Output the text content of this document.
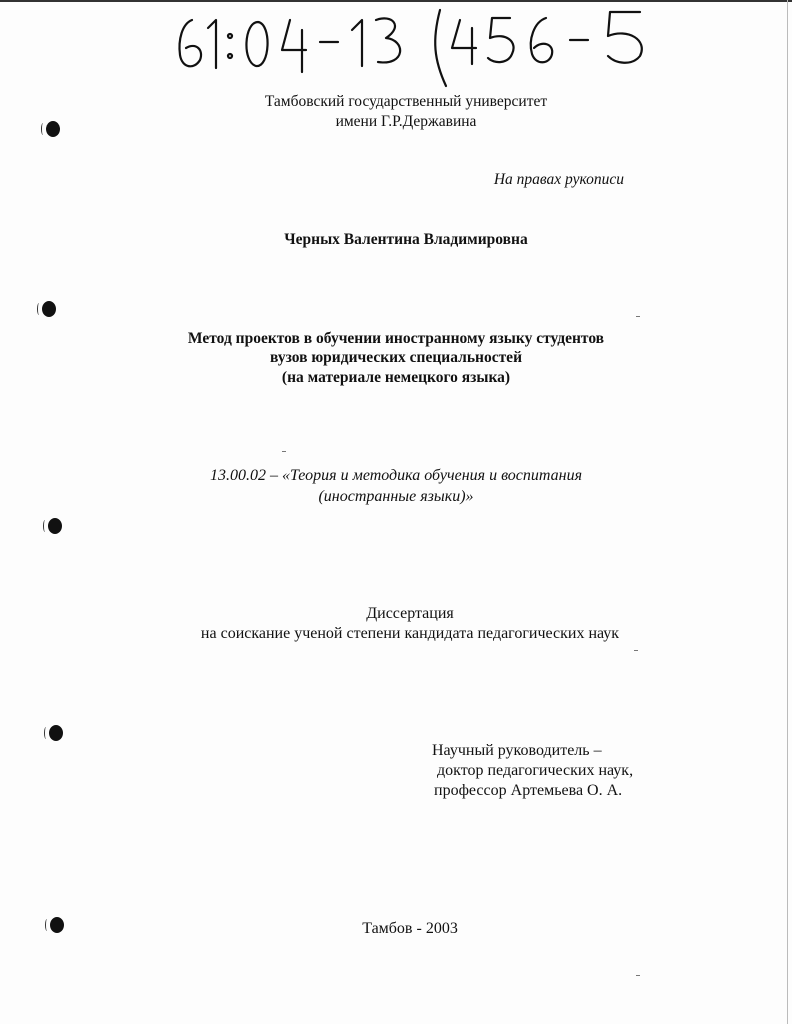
Тамбовский государственный университет
имени Г.Р.Державина
На правах рукописи
Черных Валентина Владимировна
Метод проектов в обучении иностранному языку студентов
вузов юридических специальностей
(на материале немецкого языка)
13.00.02 – «Теория и методика обучения и воспитания
(иностранные языки)»
Диссертация
на соискание ученой степени кандидата педагогических наук
Научный руководитель –
доктор педагогических наук,
профессор Артемьева О. А.
Тамбов - 2003
